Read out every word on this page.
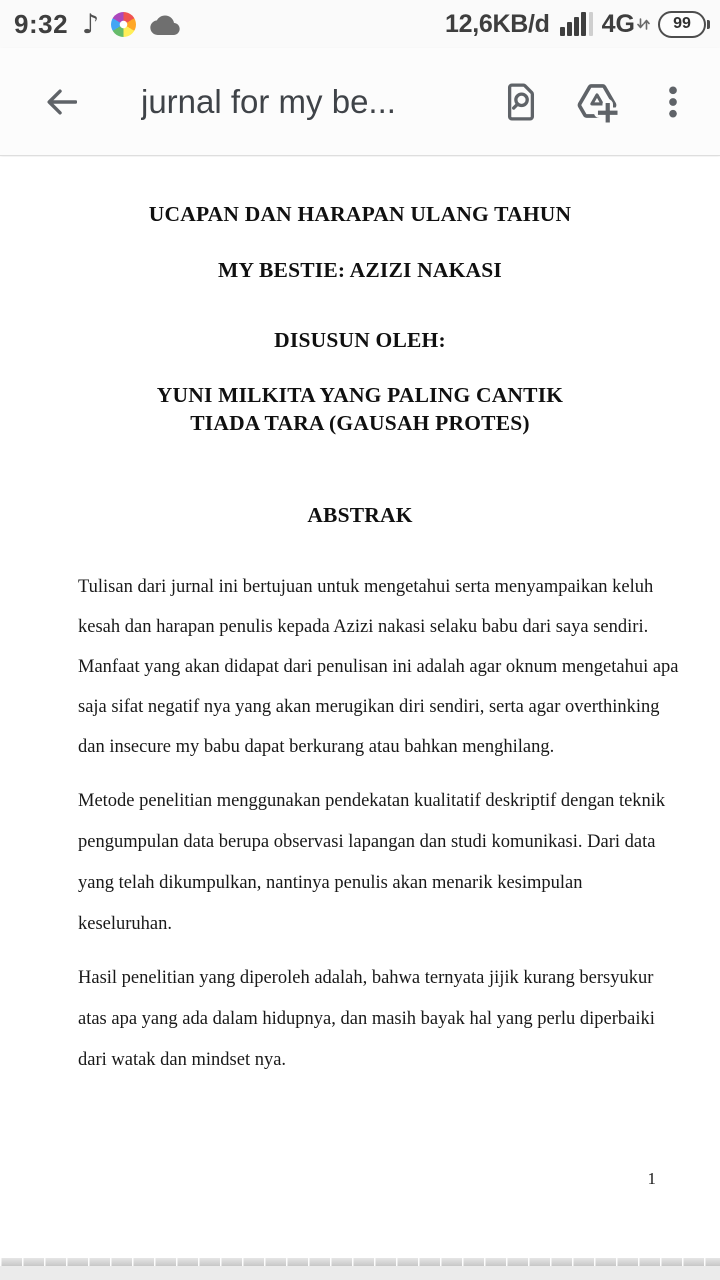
9:32 ♪	12,6KB/d 4G 99
jurnal for my be...
UCAPAN DAN HARAPAN ULANG TAHUN
MY BESTIE: AZIZI NAKASI
DISUSUN OLEH:
YUNI MILKITA YANG PALING CANTIK
TIADA TARA (GAUSAH PROTES)
ABSTRAK
Tulisan dari jurnal ini bertujuan untuk mengetahui serta menyampaikan keluh
kesah dan harapan penulis kepada Azizi nakasi selaku babu dari saya sendiri.
Manfaat yang akan didapat dari penulisan ini adalah agar oknum mengetahui apa
saja sifat negatif nya yang akan merugikan diri sendiri, serta agar overthinking
dan insecure my babu dapat berkurang atau bahkan menghilang.
Metode penelitian menggunakan pendekatan kualitatif deskriptif dengan teknik
pengumpulan data berupa observasi lapangan dan studi komunikasi. Dari data
yang telah dikumpulkan, nantinya penulis akan menarik kesimpulan
keseluruhan.
Hasil penelitian yang diperoleh adalah, bahwa ternyata jijik kurang bersyukur
atas apa yang ada dalam hidupnya, dan masih bayak hal yang perlu diperbaiki
dari watak dan mindset nya.
1
